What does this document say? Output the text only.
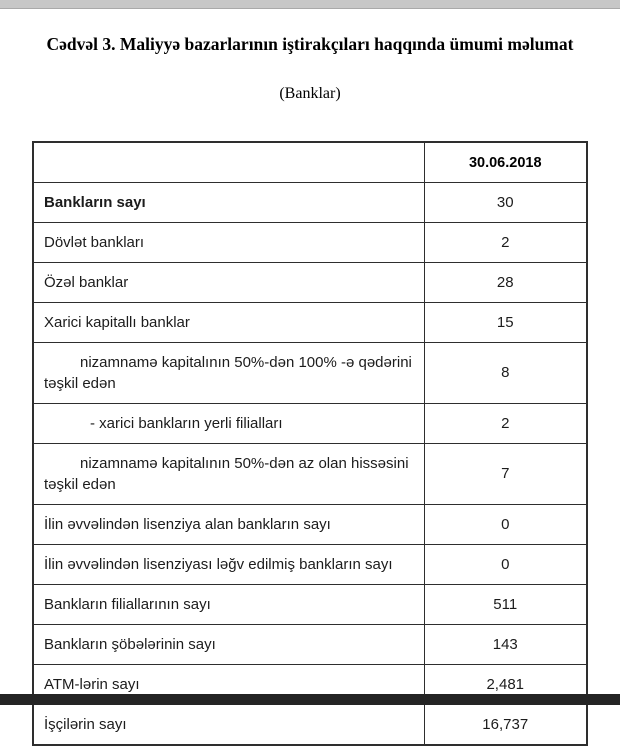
Cədvəl 3. Maliyyə bazarlarının iştirakçıları haqqında ümumi məlumat
(Banklar)
	30.06.2018
Bankların sayı	30
Dövlət bankları	2
Özəl banklar	28
Xarici kapitallı banklar	15
nizamnamə kapitalının 50%-dən 100% -ə qədərini təşkil edən	8
- xarici bankların yerli filialları	2
nizamnamə kapitalının 50%-dən az olan hissəsini təşkil edən	7
İlin əvvəlindən lisenziya alan bankların sayı	0
İlin əvvəlindən lisenziyası ləğv edilmiş bankların sayı	0
Bankların filiallarının sayı	511
Bankların şöbələrinin sayı	143
ATM-lərin sayı	2,481
İşçilərin sayı	16,737
